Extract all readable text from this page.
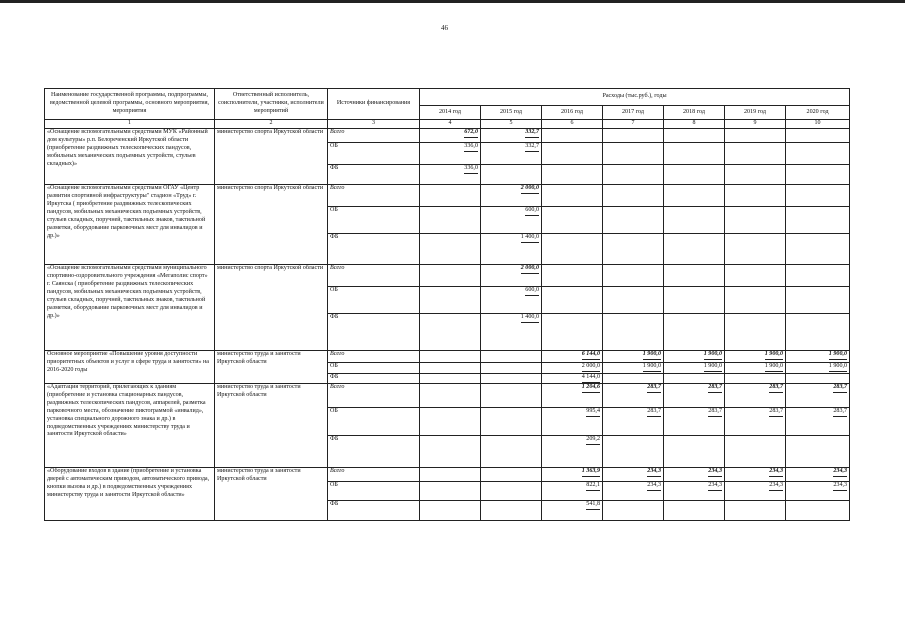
46
Наименование государственной программы, подпрограммы, ведомственной целевой программы, основного мероприятия, мероприятия	Ответственный исполнитель, соисполнители, участники, исполнители мероприятий	Источники финансирования	Расходы (тыс.руб.), годы						
			2014 год	2015 год	2016 год	2017 год	2018 год	2019 год	2020 год
1	2	3	4	5	6	7	8	9	10
«Оснащение вспомогательными средствами МУК «Районный дом культуры» р.п. Белореченский Иркутской области (приобретение раздвижных телескопических пандусов, мобильных механических подъемных устройств, стульев складных)»	министерство спорта Иркутской области	Всего	672,0	332,7					
		ОБ	336,0	332,7					
		ФБ	336,0						
«Оснащение вспомогательными средствами ОГАУ «Центр развития спортивной инфраструктуры" стадион «Труд» г. Иркутска ( приобретение раздвижных телескопических пандусов, мобильных механических подъемных устройств, стульев складных, поручней, тактильных знаков, тактильной разметки, оборудование парковочных мест для инвалидов и др.)»	министерство спорта Иркутской области	Всего		2 000,0					
		ОБ		600,0					
		ФБ		1 400,0					
«Оснащение вспомогательными средствами муниципального спортивно-оздоровительного учреждения «Мегаполис спорт» г. Саянска ( приобретение раздвижных телескопических пандусов, мобильных механических подъемных устройств, стульев складных, поручней, тактильных знаков, тактильной разметки, оборудование парковочных мест для инвалидов и др.)»	министерство спорта Иркутской области	Всего		2 000,0					
		ОБ		600,0					
		ФБ		1 400,0					
Основное мероприятие «Повышение уровня доступности приоритетных объектов и услуг в сфере труда и занятости» на 2016-2020 годы	министерство труда и занятости Иркутской области	Всего			6 144,0	1 900,0	1 900,0	1 900,0	1 900,0
		ОБ			2 000,0	1 900,0	1 900,0	1 900,0	1 900,0
		ФБ			4 144,0				
«Адаптация территорий, прилегающих к зданиям (приобретение и установка стационарных пандусов, раздвижных телескопических пандусов, аппарелей, разметка парковочного места, обозначение пиктограммой «инвалид», установка специального дорожного знака и др.) в подведомственных учреждениях министерству труда и занятости Иркутской области»	министерство труда и занятости Иркутской области	Всего			1 204,6	283,7	283,7	283,7	283,7
		ОБ			995,4	283,7	283,7	283,7	283,7
		ФБ			209,2				
«Оборудование входов в здание (приобретение и установка дверей с автоматическим приводом, автоматического привода, кнопки вызова и др.) в подведомственных учреждениях министерству труда и занятости Иркутской области»	министерство труда и занятости Иркутской области	Всего			1 363,9	234,3	234,3	234,3	234,3
		ОБ			822,1	234,3	234,3	234,3	234,3
		ФБ			541,8				
